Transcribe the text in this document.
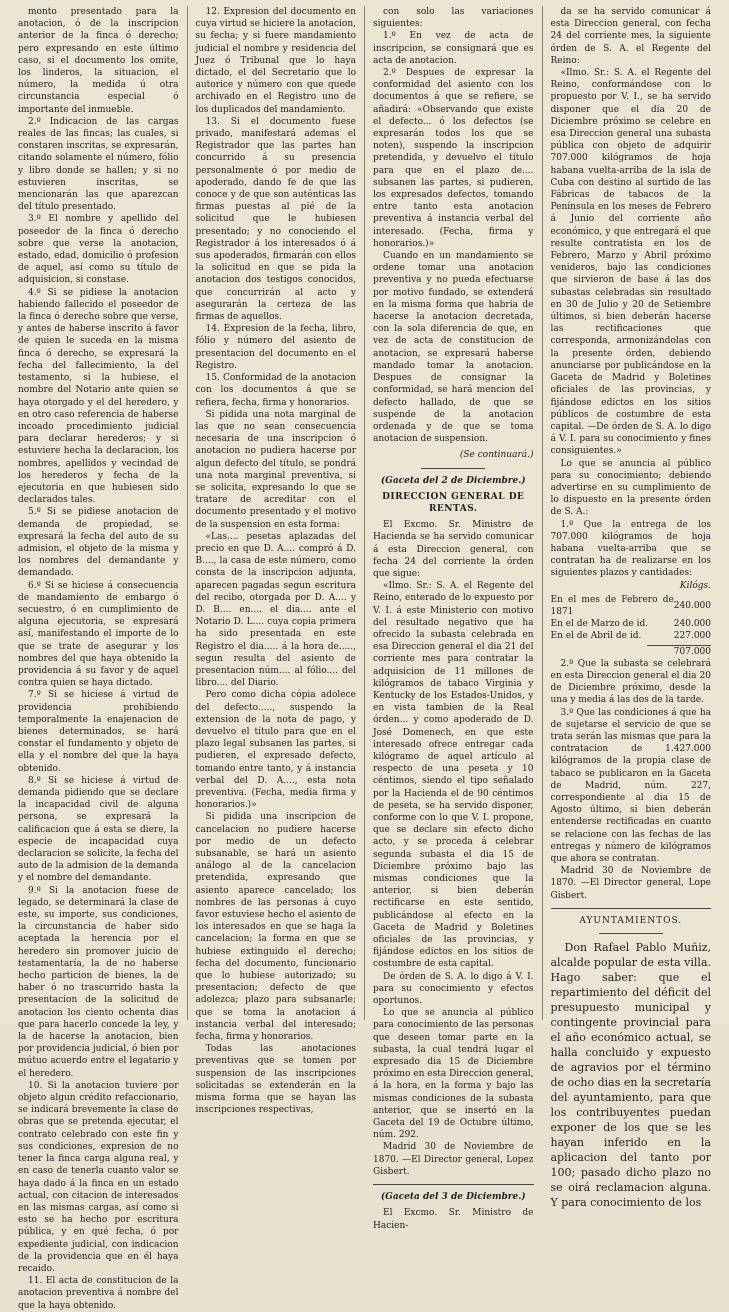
monto presentado para la anotacion, ó de la inscripcion anterior de la finca ó derecho; pero expresando en este último caso, si el documento los omite, los linderos, la situacion, el número, la medida ú otra circunstancia especial ó importante del inmueble.

2.º Indicacion de las cargas reales de las fincas; las cuales, si constaren inscritas, se expresarán, citando solamente el número, fólio y libro donde se hallen; y si no estuvieren inscritas, se mencionarán las que aparezcan del título presentado.

3.º El nombre y apellido del poseedor de la finca ó derecho sobre que verse la anotacion, estado, edad, domicilio ó profesion de aquel, así como su título de adquisicion, si constase.

4.º Si se pidiese la anotacion habiendo fallecido el poseedor de la finca ó derecho sobre que verse, y antes de haberse inscrito á favor de quien le suceda en la misma finca ó derecho, se expresará la fecha del fallecimiento, la del testamento, si la hubiese, el nombre del Notario ante quien se haya otorgado y el del heredero, y en otro caso referencia de haberse incoado procedimiento judicial para declarar herederos; y si estuviere hecha la declaracion, los nombres, apellidos y vecindad de los herederos y fecha de la ejecutoria en que hubiesen sido declarados tales.

5.º Si se pidiese anotacion de demanda de propiedad, se expresará la fecha del auto de su admision, el objeto de la misma y los nombres del demandante y demandado.

6.º Si se hiciese á consecuencia de mandamiento de embargo ó secuestro, ó en cumplimiento de alguna ejecutoria, se expresará así, manifestando el importe de lo que se trate de asegurar y los nombres del que haya obtenido la providencia á su favor y de aquel contra quien se haya dictado.

7.º Si se hiciese á virtud de providencia prohibiendo temporalmente la enajenacion de bienes determinados, se hará constar el fundamento y objeto de ella y el nombre del que la haya obtenido.

8.º Si se hiciese á virtud de demanda pidiendo que se declare la incapacidad civil de alguna persona, se expresará la calificacion que á esta se diere, la especie de incapacidad cuya declaracion se solicite, la fecha del auto de la admision de la demanda y el nombre del demandante.

9.º Si la anotacion fuese de legado, se determinará la clase de este, su importe, sus condiciones, la circunstancia de haber sido aceptada la herencia por el heredero sin promover juicio de testamentaría, la de no haberse hecho particion de bienes, la de haber ó no trascurrido hasta la presentacion de la solicitud de anotacion los ciento ochenta dias que para hacerlo concede la ley, y la de hacerse la anotacion, bien por providencia judicial, ó bien por mútuo acuerdo entre el legatario y el heredero.

10. Si la anotacion tuviere por objeto algun crédito refaccionario, se indicará brevemente la clase de obras que se pretenda ejecutar, el contrato celebrado con este fin y sus condiciones, expresion de no tener la finca carga alguna real, y en caso de tenerla cuanto valor se haya dado á la finca en un estado actual, con citacion de interesados en las mismas cargas, así como si esto se ha hecho por escritura pública, y en qué fecha, ó por expediente judicial, con indicacion de la providencia que en él haya recaido.

11. El acta de constitucion de la anotacion preventiva á nombre del que la haya obtenido.

12. Expresion del documento en cuya virtud se hiciere la anotacion, su fecha; y si fuere mandamiento judicial el nombre y residencia del Juez ó Tribunal que lo haya dictado, el del Secretario que lo autorice y número con que quede archivado en el Registro uno de los duplicados del mandamiento.

13. Si el documento fuese privado, manifestará ademas el Registrador que las partes han concurrido á su presencia personalmente ó por medio de apoderado, dando fe de que las conoce y de que son auténticas las firmas puestas al pié de la solicitud que le hubiesen presentado; y no conociendo el Registrador á los interesados ó á sus apoderados, firmarán con ellos la solicitud en que se pida la anotacion dos testigos conocidos, que concurrirán al acto y asegurarán la certeza de las firmas de aquellos.

14. Expresion de la fecha, libro, fólio y número del asiento de presentacion del documento en el Registro.

15. Conformidad de la anotacion con los documentos á que se refiera, fecha, firma y honorarios.

Si pidida una nota marginal de las que no sean consecuencia necesaria de una inscripcion ó anotacion no pudiera hacerse por algun defecto del título, se pondrá una nota marginal preventiva, si se solicita, expresando lo que se tratare de acreditar con el documento presentado y el motivo de la suspension en esta forma:

«Las.... pesetas aplazadas del precio en que D. A.... compró á D. B...., la casa de este número, como consta de la inscripcion adjunta, aparecen pagadas segun escritura del recibo, otorgada por D. A.... y D. B.... en.... el dia.... ante el Notario D. L.... cuya copia primera ha sido presentada en este Registro el dia..... á la hora de....., segun resulta del asiento de presentacion núm.... al fólio.... del libro.... del Diario.

Pero como dicha cópia adolece del defecto....., suspendo la extension de la nota de pago, y devuelvo el título para que en el plazo legal subsanen las partes, si pudieren, el expresado defecto, tomando entre tanto, y á instancia verbal del D. A...., esta nota preventiva. (Fecha, media firma y honorarios.)»

Si pidida una inscripcion de cancelacion no pudiere hacerse por medio de un defecto subsanable, se hará un asiento análogo al de la cancelacion pretendida, expresando que asiento aparece cancelado; los nombres de las personas á cuyo favor estuviese hecho el asiento de los interesados en que se haga la cancelacion; la forma en que se hubiese extinguido el derecho; fecha del documento, funcionario que lo hubiese autorizado; su presentacion; defecto de que adolezca; plazo para subsanarle; que se toma la anotacion á instancia verbal del interesado; fecha, firma y honorarios.

Todas las anotaciones preventivas que se tomen por suspension de las inscripciones solicitadas se extenderán en la misma forma que se hayan las inscripciones respectivas,

con solo las variaciones siguientes:

1.º En vez de acta de inscripcion, se consignará que es acta de anotacion.

2.º Despues de expresar la conformidad del asiento con los documentos á que se refiere, se añadirá: «Observando que existe el defecto... ó los defectos (se expresarán todos los que se noten), suspendo la inscripcion pretendida, y devuelvo el título para que en el plazo de.... subsanen las partes, si pudieren, los expresados defectos, tomando entre tanto esta anotacion preventiva á instancia verbal del interesado. (Fecha, firma y honorarios.)»

Cuando en un mandamiento se ordene tomar una anotacion preventiva y no pueda efectuarse por motivo fundado, se extenderá en la misma forma que habria de hacerse la anotacion decretada, con la sola diferencia de que, en vez de acta de constitucion de anotacion, se expresará haberse mandado tomar la anotacion. Despues de consignar la conformidad, se hará mencion del defecto hallado, de que se suspende de la anotacion ordenada y de que se toma anotacion de suspension.

(Se continuará.)
(Gaceta del 2 de Diciembre.)
DIRECCION GENERAL DE RENTAS.

El Excmo. Sr. Ministro de Hacienda se ha servido comunicar á esta Direccion general, con fecha 24 del corriente la órden que sigue:

«Ilmo. Sr.: S. A. el Regente del Reino, enterado de lo expuesto por V. I. á este Ministerio con motivo del resultado negativo que ha ofrecido la subasta celebrada en esa Direccion general el dia 21 del corriente mes para contratar la adquisicion de 11 millones de kilógramos de tabaco Virginia y Kentucky de los Estados-Unidos, y en vista tambien de la Real órden... y como apoderado de D. José Domenech, en que este interesado ofrece entregar cada kilógramo de aquel artículo al respecto de una peseta y 10 céntimos, siendo el tipo señalado por la Hacienda el de 90 céntimos de peseta, se ha servido disponer, conforme con lo que V. I. propone, que se declare sin efecto dicho acto, y se proceda á celebrar segunda subasta el dia 15 de Diciembre próximo bajo las mismas condiciones que la anterior, si bien deberán rectificarse en este sentido, publicándose al efecto en la Gaceta de Madrid y Boletines oficiales de las provincias, y fijándose edictos en los sitios de costumbre de esta capital.

De órden de S. A. lo digo á V. I. para su conocimiento y efectos oportunos.

Lo que se anuncia al público para conocimiento de las personas que deseen tomar parte en la subasta, la cual tendrá lugar el expresado dia 15 de Diciembre próximo en esta Direccion general, á la hora, en la forma y bajo las mismas condiciones de la subasta anterior, que se insertó en la Gaceta del 19 de Octubre último, núm. 292.

Madrid 30 de Noviembre de 1870. —El Director general, Lopez Gisbert.

(Gaceta del 3 de Diciembre.)

El Excmo. Sr. Ministro de Hacien-

da se ha servido comunicar á esta Direccion general, con fecha 24 del corriente mes, la siguiente órden de S. A. el Regente del Reino:

«Ilmo. Sr.: S. A. el Regente del Reino, conformándose con lo propuesto por V. I., se ha servido disponer que el dia 20 de Diciembre próximo se celebre en esa Direccion general una subasta pública con objeto de adquirir 707.000 kilógramos de hoja habana vuelta-arriba de la isla de Cuba con destino al surtido de las Fábricas de tabacos de la Península en los meses de Febrero á Junio del corriente año económico, y que entregará el que resulte contratista en los de Febrero, Marzo y Abril próximo venideros, bajo las condiciones que sirvieron de base á las dos subastas celebradas sin resultado en 30 de Julio y 20 de Setiembre últimos, si bien deberán hacerse las rectificaciones que corresponda, armonizándolas con la presente órden, debiendo anunciarse por publicándose en la Gaceta de Madrid y Boletines oficiales de las provincias, y fijándose edictos en los sitios públicos de costumbre de esta capital. —De órden de S. A. lo digo á V. I. para su conocimiento y fines consiguientes.»

Lo que se anuncia al público para su conocimiento; debiendo advertirse en su cumplimiento de lo dispuesto en la presente órden de S. A.:

1.º Que la entrega de los 707.000 kilógramos de hoja habana vuelta-arriba que se contratan ha de realizarse en los siguientes plazos y cantidades:

Kilógs.
En el mes de Febrero de 1871	240.000
En el de Marzo de id.	240.000
En el de Abril de id.	227.000
707.000

2.º Que la subasta se celebrará en esta Direccion general el dia 20 de Diciembre próximo, desde la una y media á las dos de la tarde.

3.º Que las condiciones á que ha de sujetarse el servicio de que se trata serán las mismas que para la contratacion de 1.427.000 kilógramos de la propia clase de tabaco se publicaron en la Gaceta de Madrid, núm. 227, correspondiente al dia 15 de Agosto último, si bien deberán entenderse rectificadas en cuanto se relacione con las fechas de las entregas y número de kilógramos que ahora se contratan.

Madrid 30 de Noviembre de 1870. —El Director general, Lope Gisbert.

AYUNTAMIENTOS.

Don Rafael Pablo Muñiz, alcalde popular de esta villa. Hago saber: que el repartimiento del déficit del presupuesto municipal y contingente provincial para el año económico actual, se halla concluido y expuesto de agravios por el término de ocho dias en la secretaría del ayuntamiento, para que los contribuyentes puedan exponer de los que se les hayan inferido en la aplicacion del tanto por 100; pasado dicho plazo no se oirá reclamacion alguna. Y para conocimiento de los
